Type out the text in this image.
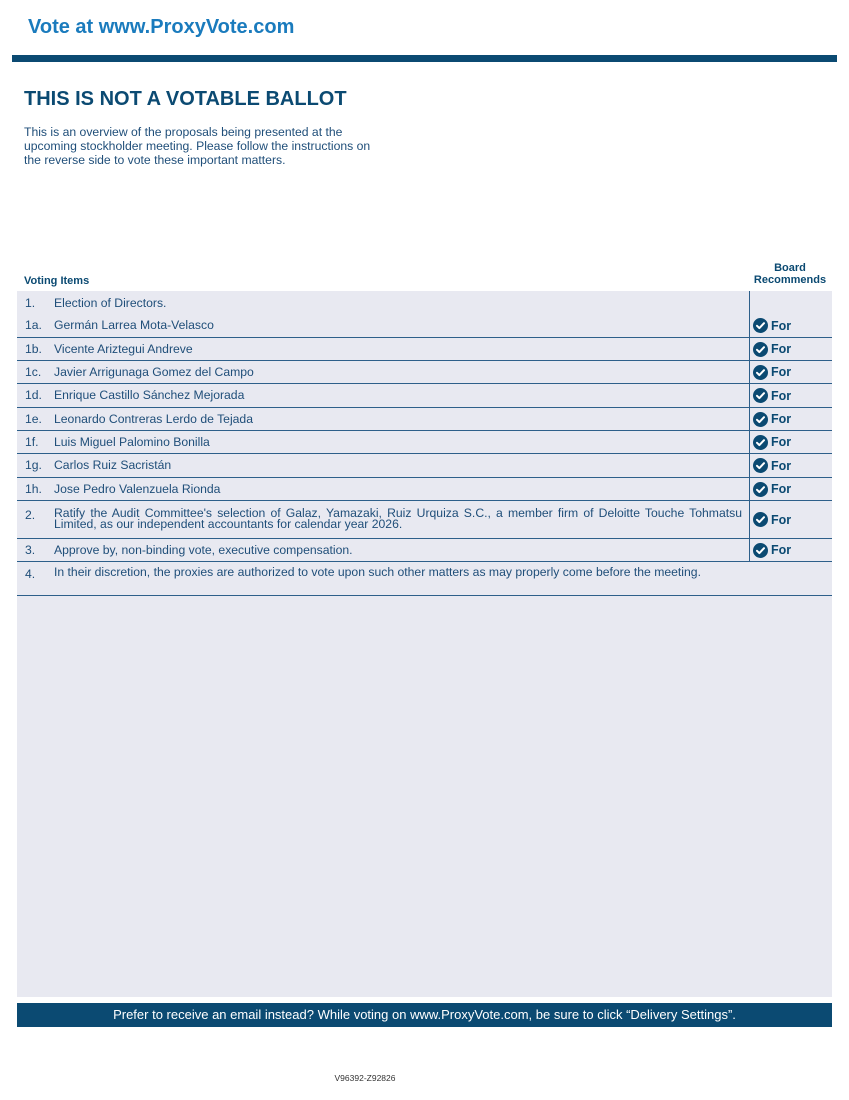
Vote at www.ProxyVote.com
THIS IS NOT A VOTABLE BALLOT
This is an overview of the proposals being presented at the
upcoming stockholder meeting. Please follow the instructions on
the reverse side to vote these important matters.
Voting Items
Board
Recommends
1. Election of Directors.
1a. Germán Larrea Mota-Velasco	For
1b. Vicente Ariztegui Andreve	For
1c. Javier Arrigunaga Gomez del Campo	For
1d. Enrique Castillo Sánchez Mejorada	For
1e. Leonardo Contreras Lerdo de Tejada	For
1f. Luis Miguel Palomino Bonilla	For
1g. Carlos Ruiz Sacristán	For
1h. Jose Pedro Valenzuela Rionda	For
2. Ratify the Audit Committee's selection of Galaz, Yamazaki, Ruiz Urquiza S.C., a member firm of Deloitte Touche Tohmatsu Limited, as our independent accountants for calendar year 2026.	For
3. Approve by, non-binding vote, executive compensation.	For
4. In their discretion, the proxies are authorized to vote upon such other matters as may properly come before the meeting.
Prefer to receive an email instead? While voting on www.ProxyVote.com, be sure to click “Delivery Settings”.
V96392-Z92826
